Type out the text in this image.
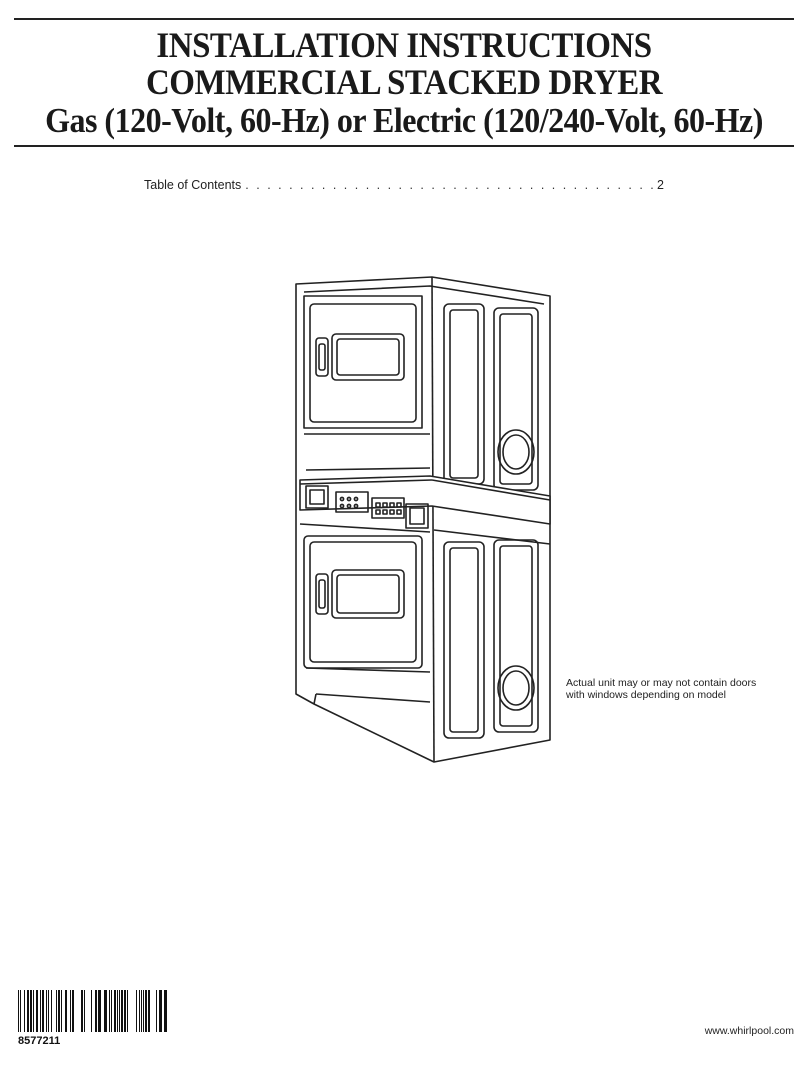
INSTALLATION INSTRUCTIONS
COMMERCIAL STACKED DRYER
Gas (120-Volt, 60-Hz) or Electric (120/240-Volt, 60-Hz)
Table of Contents
. . .	2
Actual unit may or may not contain doors with windows depending on model
8577211
www.whirlpool.com
